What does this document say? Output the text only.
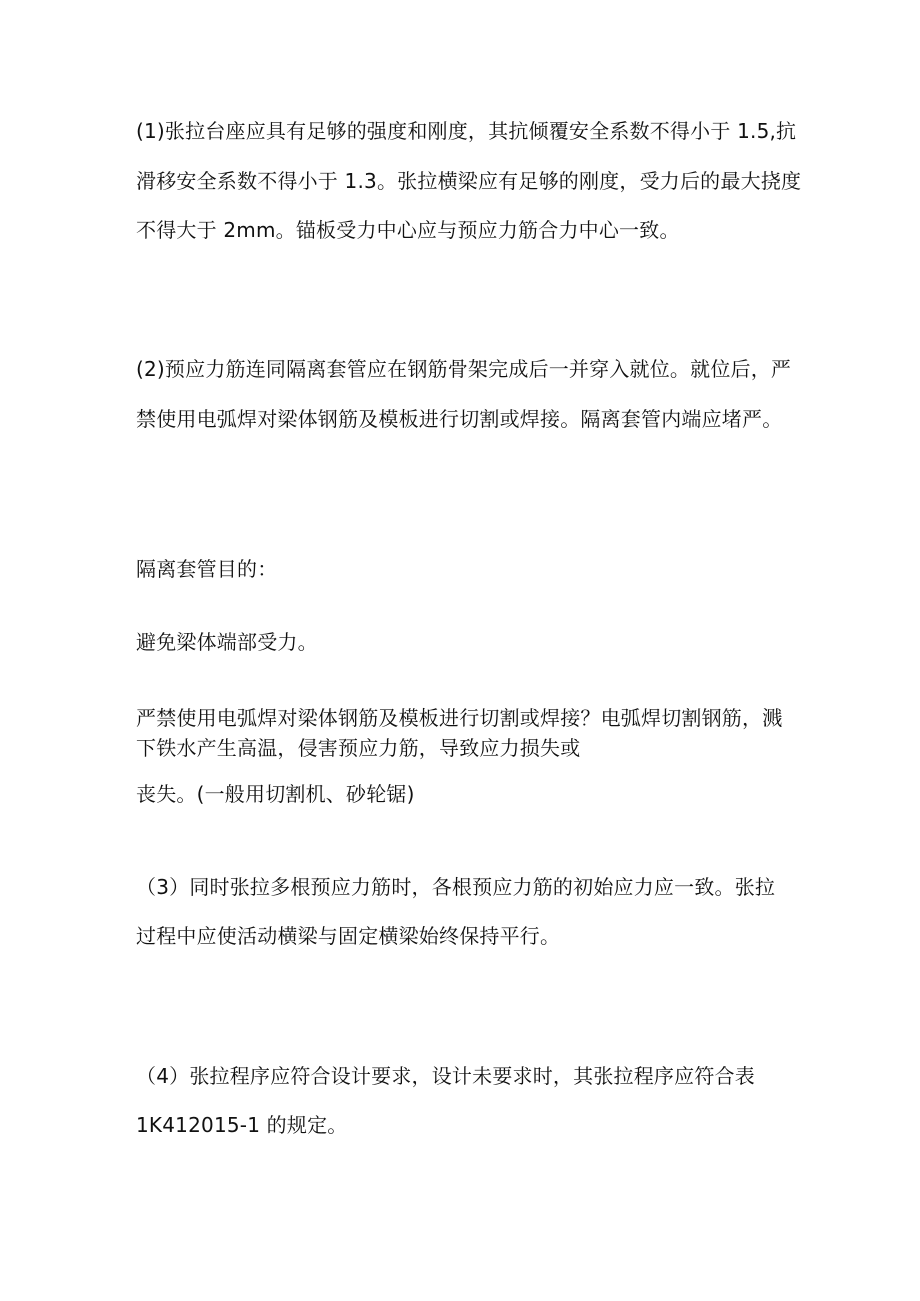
(1)张拉台座应具有足够的强度和刚度，其抗倾覆安全系数不得小于 1.5,抗
滑移安全系数不得小于 1.3。张拉横梁应有足够的刚度，受力后的最大挠度
不得大于 2mm。锚板受力中心应与预应力筋合力中心一致。
(2)预应力筋连同隔离套管应在钢筋骨架完成后一并穿入就位。就位后，严
禁使用电弧焊对梁体钢筋及模板进行切割或焊接。隔离套管内端应堵严。
隔离套管目的：
避免梁体端部受力。
严禁使用电弧焊对梁体钢筋及模板进行切割或焊接？电弧焊切割钢筋，溅
下铁水产生高温，侵害预应力筋，导致应力损失或
丧失。(一般用切割机、砂轮锯)
（3）同时张拉多根预应力筋时，各根预应力筋的初始应力应一致。张拉
过程中应使活动横梁与固定横梁始终保持平行。
（4）张拉程序应符合设计要求，设计未要求时，其张拉程序应符合表
1K412015-1 的规定。
